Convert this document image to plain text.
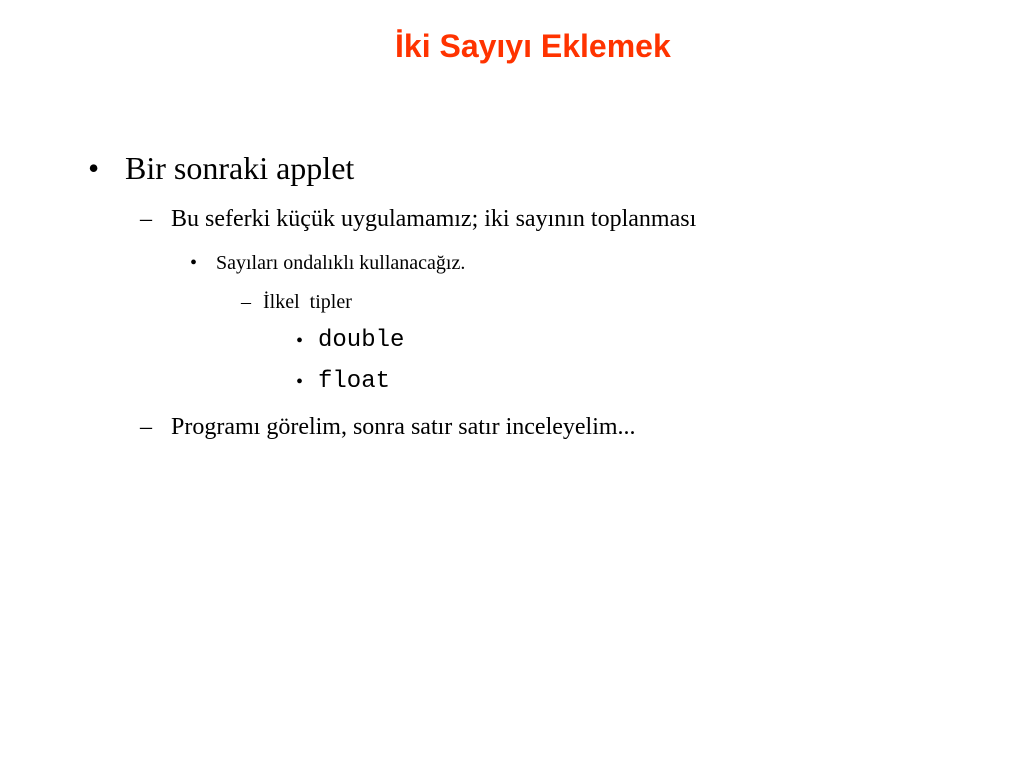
İki Sayıyı Eklemek
• Bir sonraki applet

– Bu seferki küçük uygulamamız; iki sayının toplanması

• Sayıları ondalıklı kullanacağız.

– İlkel  tipler

• double

• float

– Programı görelim, sonra satır satır inceleyelim...
